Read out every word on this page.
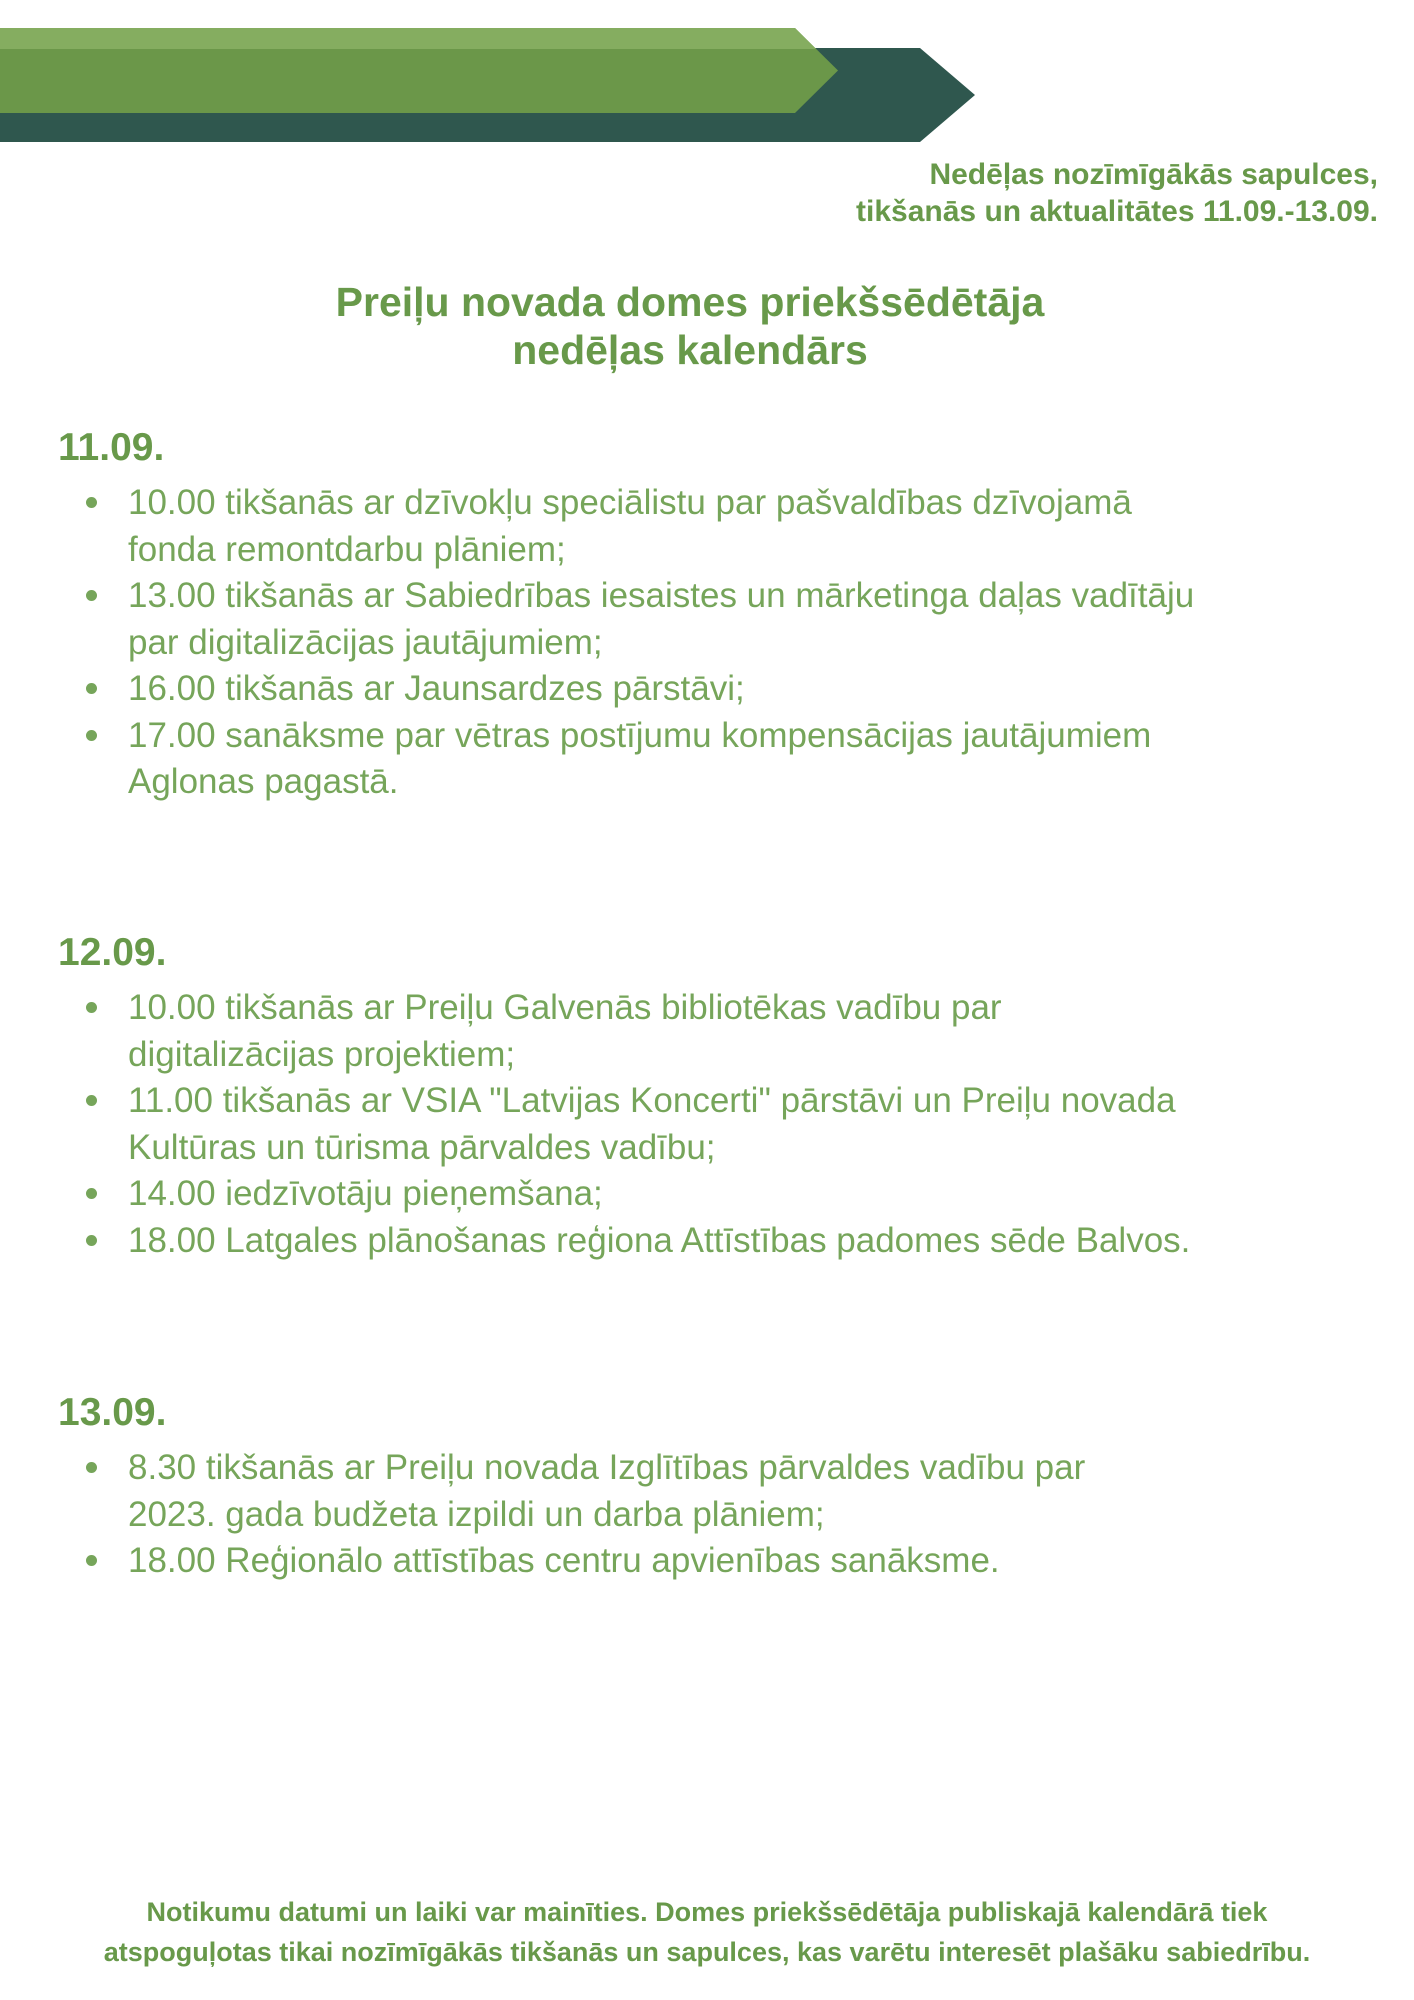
Nedēļas nozīmīgākās sapulces,
tikšanās un aktualitātes 11.09.-13.09.
Preiļu novada domes priekšsēdētāja
nedēļas kalendārs
11.09.
10.00 tikšanās ar dzīvokļu speciālistu par pašvaldības dzīvojamā
fonda remontdarbu plāniem;
13.00 tikšanās ar Sabiedrības iesaistes un mārketinga daļas vadītāju
par digitalizācijas jautājumiem;
16.00 tikšanās ar Jaunsardzes pārstāvi;
17.00 sanāksme par vētras postījumu kompensācijas jautājumiem
Aglonas pagastā.
12.09.
10.00 tikšanās ar Preiļu Galvenās bibliotēkas vadību par
digitalizācijas projektiem;
11.00 tikšanās ar VSIA "Latvijas Koncerti" pārstāvi un Preiļu novada
Kultūras un tūrisma pārvaldes vadību;
14.00 iedzīvotāju pieņemšana;
18.00 Latgales plānošanas reģiona Attīstības padomes sēde Balvos.
13.09.
8.30 tikšanās ar Preiļu novada Izglītības pārvaldes vadību par
2023. gada budžeta izpildi un darba plāniem;
18.00 Reģionālo attīstības centru apvienības sanāksme.
Notikumu datumi un laiki var mainīties. Domes priekšsēdētāja publiskajā kalendārā tiek
atspoguļotas tikai nozīmīgākās tikšanās un sapulces, kas varētu interesēt plašāku sabiedrību.
